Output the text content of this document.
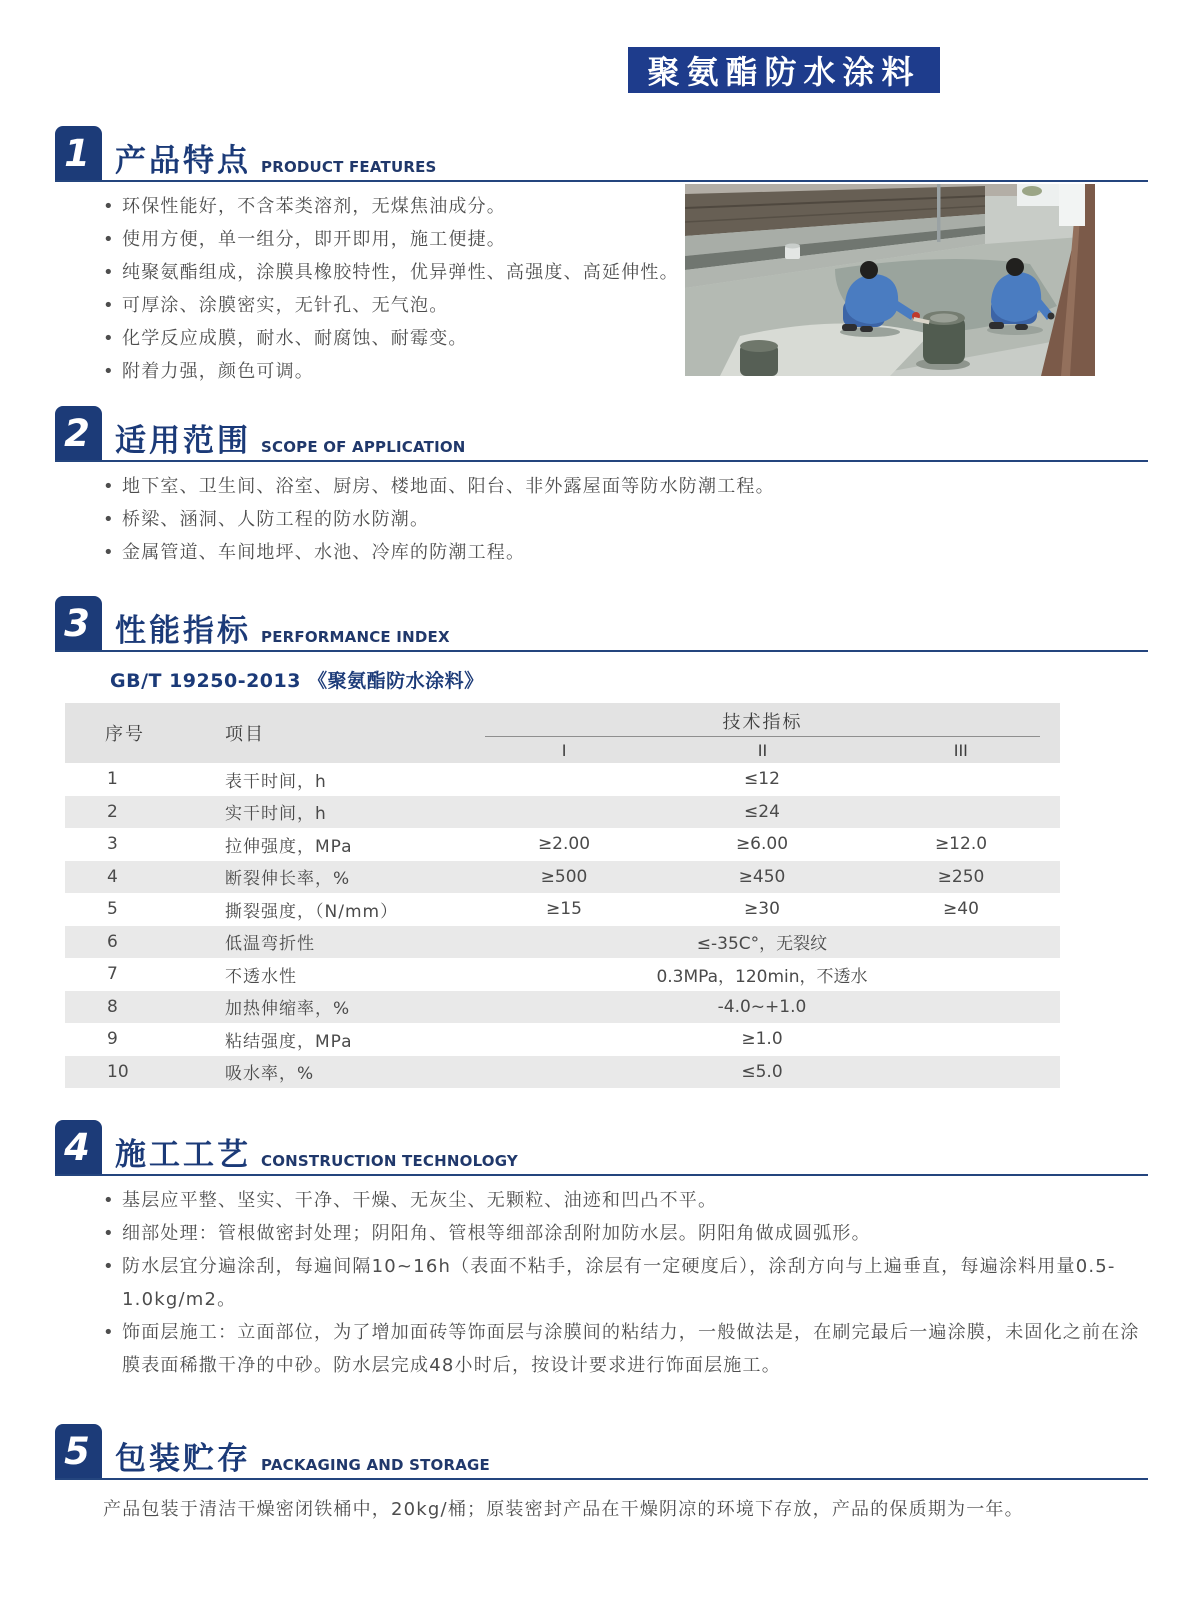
聚氨酯防水涂料
1 产品特点 PRODUCT FEATURES
• 环保性能好，不含苯类溶剂，无煤焦油成分。
• 使用方便，单一组分，即开即用，施工便捷。
• 纯聚氨酯组成，涂膜具橡胶特性，优异弹性、高强度、高延伸性。
• 可厚涂、涂膜密实，无针孔、无气泡。
• 化学反应成膜，耐水、耐腐蚀、耐霉变。
• 附着力强，颜色可调。
2 适用范围 SCOPE OF APPLICATION
• 地下室、卫生间、浴室、厨房、楼地面、阳台、非外露屋面等防水防潮工程。
• 桥梁、涵洞、人防工程的防水防潮。
• 金属管道、车间地坪、水池、冷库的防潮工程。
3 性能指标 PERFORMANCE INDEX
GB/T 19250-2013 《聚氨酯防水涂料》
序号	项目
技术指标
I	II	III
1	表干时间，h	≤12
2	实干时间，h	≤24
3	拉伸强度，MPa	≥2.00	≥6.00	≥12.0
4	断裂伸长率，%	≥500	≥450	≥250
5	撕裂强度，（N/mm）	≥15	≥30	≥40
6	低温弯折性	≤-35C°，无裂纹
7	不透水性	0.3MPa，120min，不透水
8	加热伸缩率，%	-4.0~+1.0
9	粘结强度，MPa	≥1.0
10	吸水率，%	≤5.0
4 施工工艺 CONSTRUCTION TECHNOLOGY
• 基层应平整、坚实、干净、干燥、无灰尘、无颗粒、油迹和凹凸不平。
• 细部处理：管根做密封处理；阴阳角、管根等细部涂刮附加防水层。阴阳角做成圆弧形。
• 防水层宜分遍涂刮，每遍间隔10~16h（表面不粘手，涂层有一定硬度后），涂刮方向与上遍垂直，每遍涂料用量0.5-1.0kg/m2。
• 饰面层施工：立面部位，为了增加面砖等饰面层与涂膜间的粘结力，一般做法是，在刷完最后一遍涂膜，未固化之前在涂膜表面稀撒干净的中砂。防水层完成48小时后，按设计要求进行饰面层施工。
5 包装贮存 PACKAGING AND STORAGE
产品包装于清洁干燥密闭铁桶中，20kg/桶；原装密封产品在干燥阴凉的环境下存放，产品的保质期为一年。
